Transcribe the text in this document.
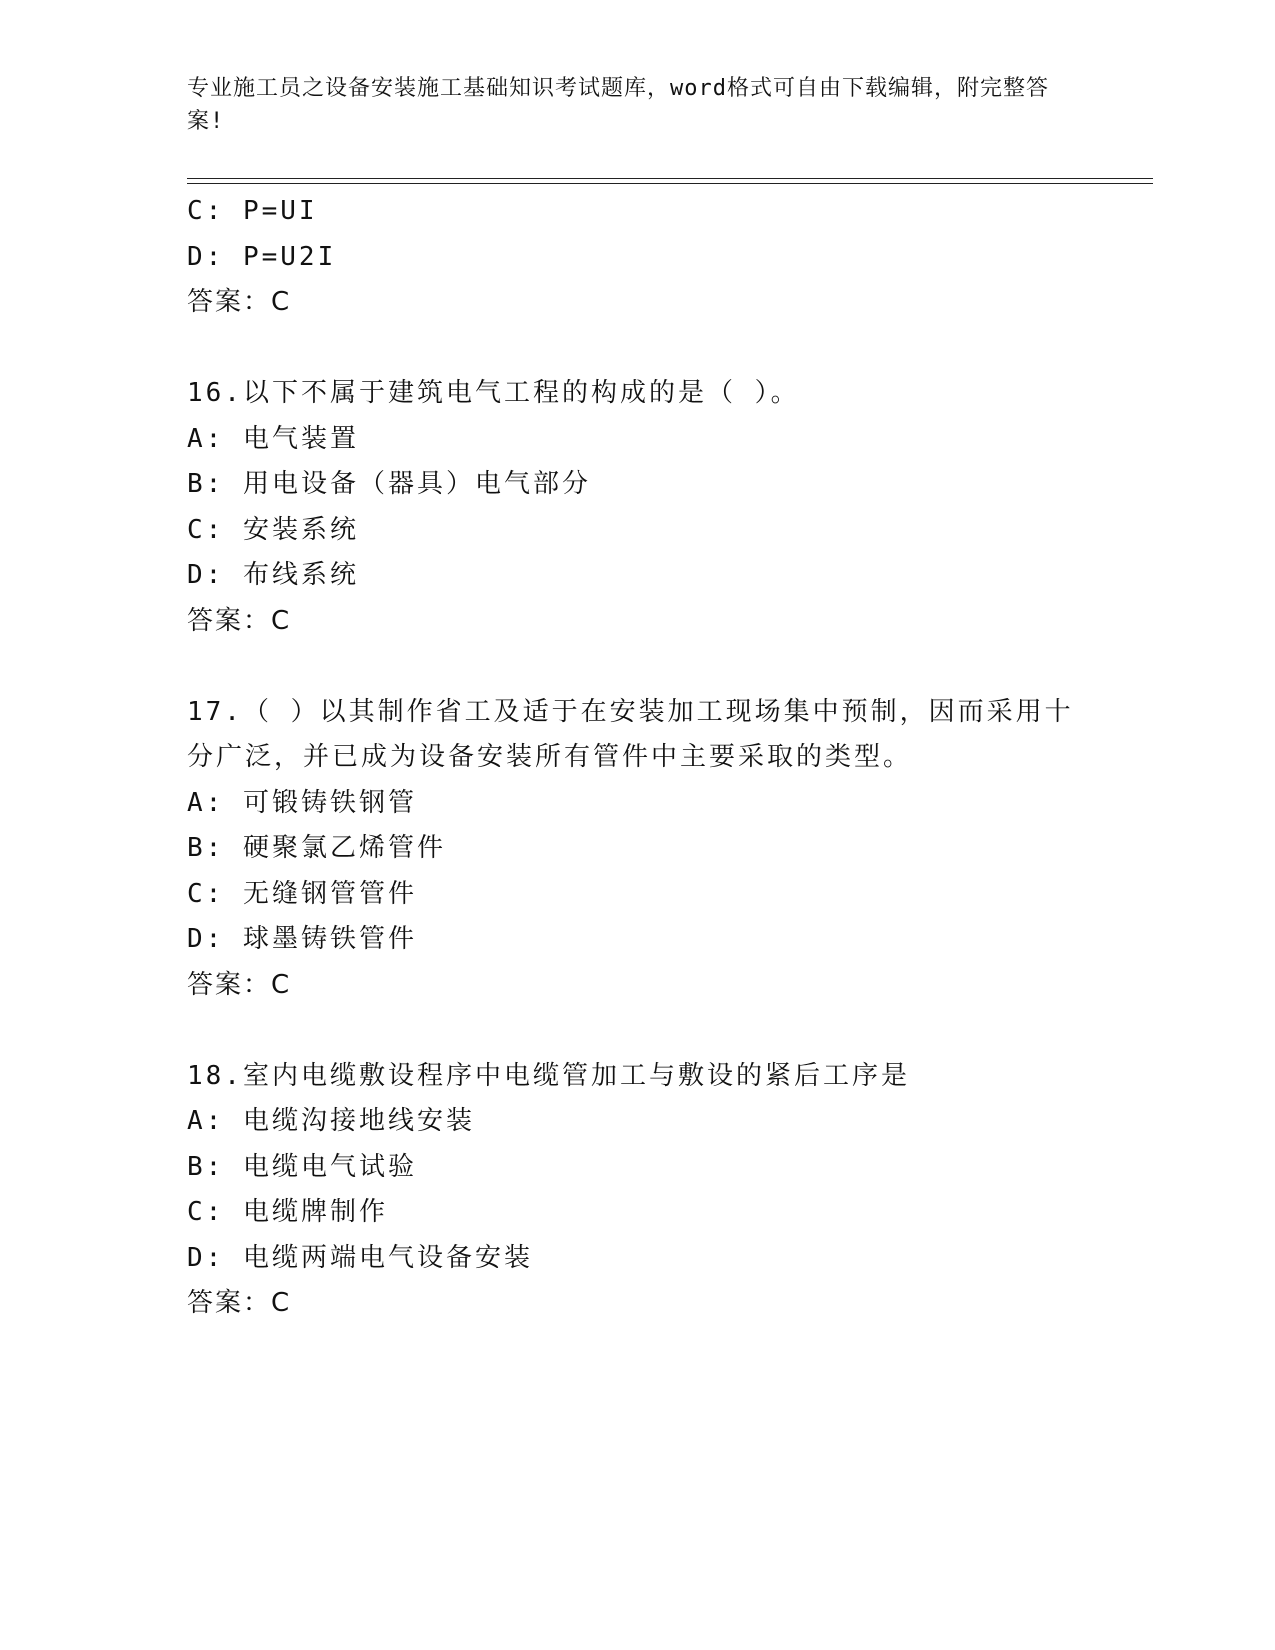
专业施工员之设备安装施工基础知识考试题库，word格式可自由下载编辑，附完整答案!
C: P=UI
D: P=U2I
答案：C
16.以下不属于建筑电气工程的构成的是（ ）。
A: 电气装置
B: 用电设备（器具）电气部分
C: 安装系统
D: 布线系统
答案：C
17.（ ）以其制作省工及适于在安装加工现场集中预制，因而采用十分广泛，并已成为设备安装所有管件中主要采取的类型。
A: 可锻铸铁钢管
B: 硬聚氯乙烯管件
C: 无缝钢管管件
D: 球墨铸铁管件
答案：C
18.室内电缆敷设程序中电缆管加工与敷设的紧后工序是
A: 电缆沟接地线安装
B: 电缆电气试验
C: 电缆牌制作
D: 电缆两端电气设备安装
答案：C
